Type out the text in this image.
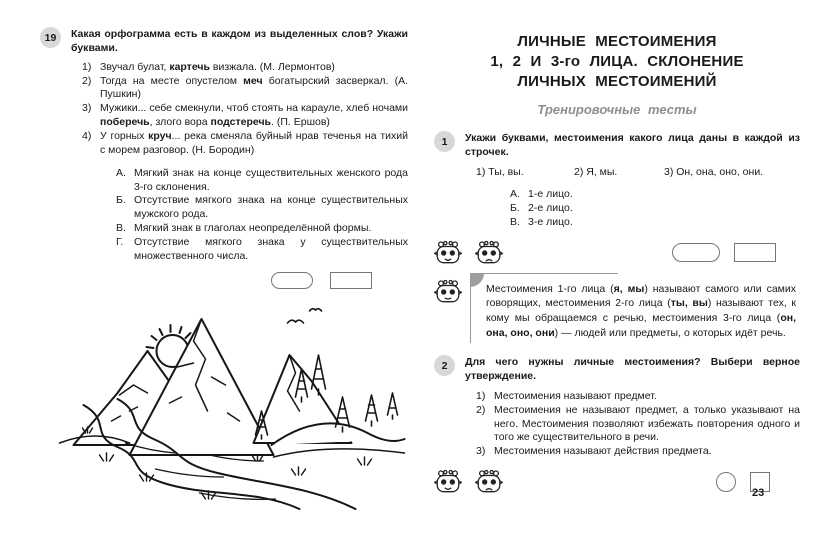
19	Какая орфограмма есть в каждом из выделенных слов? Укажи буквами.

1) Звучал булат, картечь визжала. (М. Лермонтов)
2) Тогда на месте опустелом меч богатырский засверкал. (А. Пушкин)
3) Мужики... себе смекнули, чтоб стоять на карауле, хлеб ночами поберечь, злого вора подстеречь. (П. Ершов)
4) У горных круч... река сменяла буйный нрав теченья на тихий с морем разговор. (Н. Бородин)
А. Мягкий знак на конце существительных женского рода 3-го склонения.
Б. Отсутствие мягкого знака на конце существительных мужского рода.
В. Мягкий знак в глаголах неопределённой формы.
Г.	Отсутствие мягкого знака у существительных множественного числа.
ЛИЧНЫЕ МЕСТОИМЕНИЯ
1, 2 И 3-го ЛИЦА. СКЛОНЕНИЕ
ЛИЧНЫХ МЕСТОИМЕНИЙ
Тренировочные тесты
1	Укажи буквами, местоимения какого лица даны в каждой из строчек.

1) Ты, вы.	2) Я, мы.	3) Он, она, оно, они.
А. 1-е лицо.
Б. 2-е лицо.
В. 3-е лицо.

Местоимения 1-го лица (я, мы) называют самого или самих говорящих, местоимения 2-го лица (ты, вы) называют тех, к кому мы обращаемся с речью, местоимения 3-го лица (он, она, оно, они) — людей или предметы, о которых идёт речь.

2	Для чего нужны личные местоимения? Выбери верное утверждение.

1) Местоимения называют предмет.
2) Местоимения не называют предмет, а только указывают на него. Местоимения позволяют избежать повторения одного и того же существительного в речи.
3) Местоимения называют действия предмета.
23
